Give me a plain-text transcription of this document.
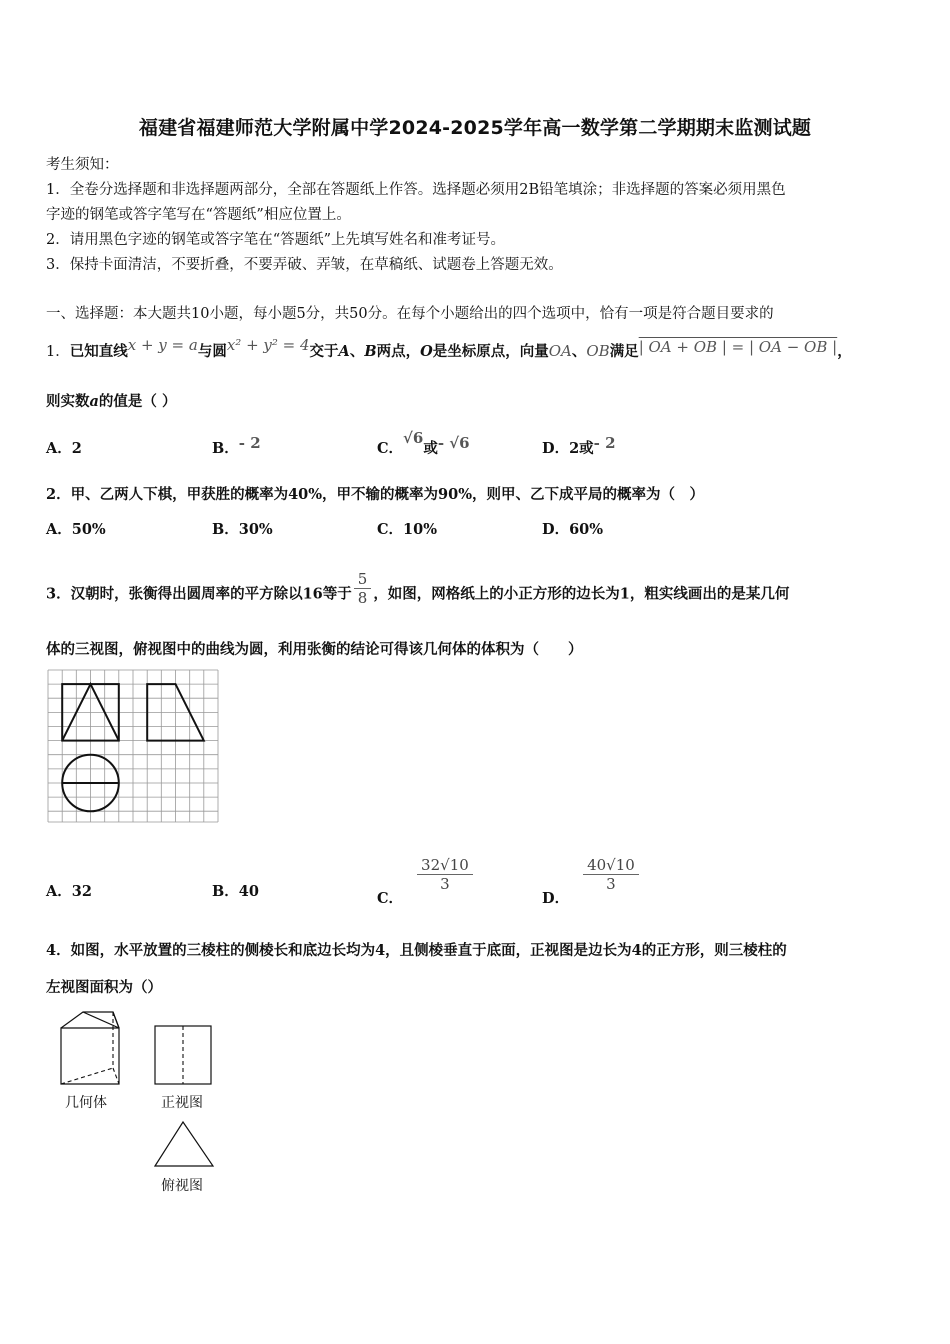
福建省福建师范大学附属中学2024-2025学年高一数学第二学期期末监测试题
考生须知：
1．全卷分选择题和非选择题两部分，全部在答题纸上作答。选择题必须用2B铅笔填涂；非选择题的答案必须用黑色
字迹的钢笔或答字笔写在“答题纸”相应位置上。
2．请用黑色字迹的钢笔或答字笔在“答题纸”上先填写姓名和准考证号。
3．保持卡面清洁，不要折叠，不要弄破、弄皱，在草稿纸、试题卷上答题无效。
一、选择题：本大题共10小题，每小题5分，共50分。在每个小题给出的四个选项中，恰有一项是符合题目要求的
1．已知直线x + y = a与圆x² + y² = 4交于A、B两点，O是坐标原点，向量OA、OB满足| OA + OB | = | OA − OB |，
则实数a的值是（ ）
A．2	B．- 2	C．√6或- √6	D．2或- 2
2．甲、乙两人下棋，甲获胜的概率为40%，甲不输的概率为90%，则甲、乙下成平局的概率为（　）
A．50%	B．30%	C．10%	D．60%
3．汉朝时，张衡得出圆周率的平方除以16等于 $\frac{5}{8}$ ，如图，网格纸上的小正方形的边长为1，粗实线画出的是某几何
体的三视图，俯视图中的曲线为圆，利用张衡的结论可得该几何体的体积为（　　）
A．32	B．40	C．
$\frac{32√10}{3}$
D．
$\frac{40√10}{3}$
4．如图，水平放置的三棱柱的侧棱长和底边长均为4，且侧棱垂直于底面，正视图是边长为4的正方形，则三棱柱的
左视图面积为（）
几何体	正视图
俯视图
